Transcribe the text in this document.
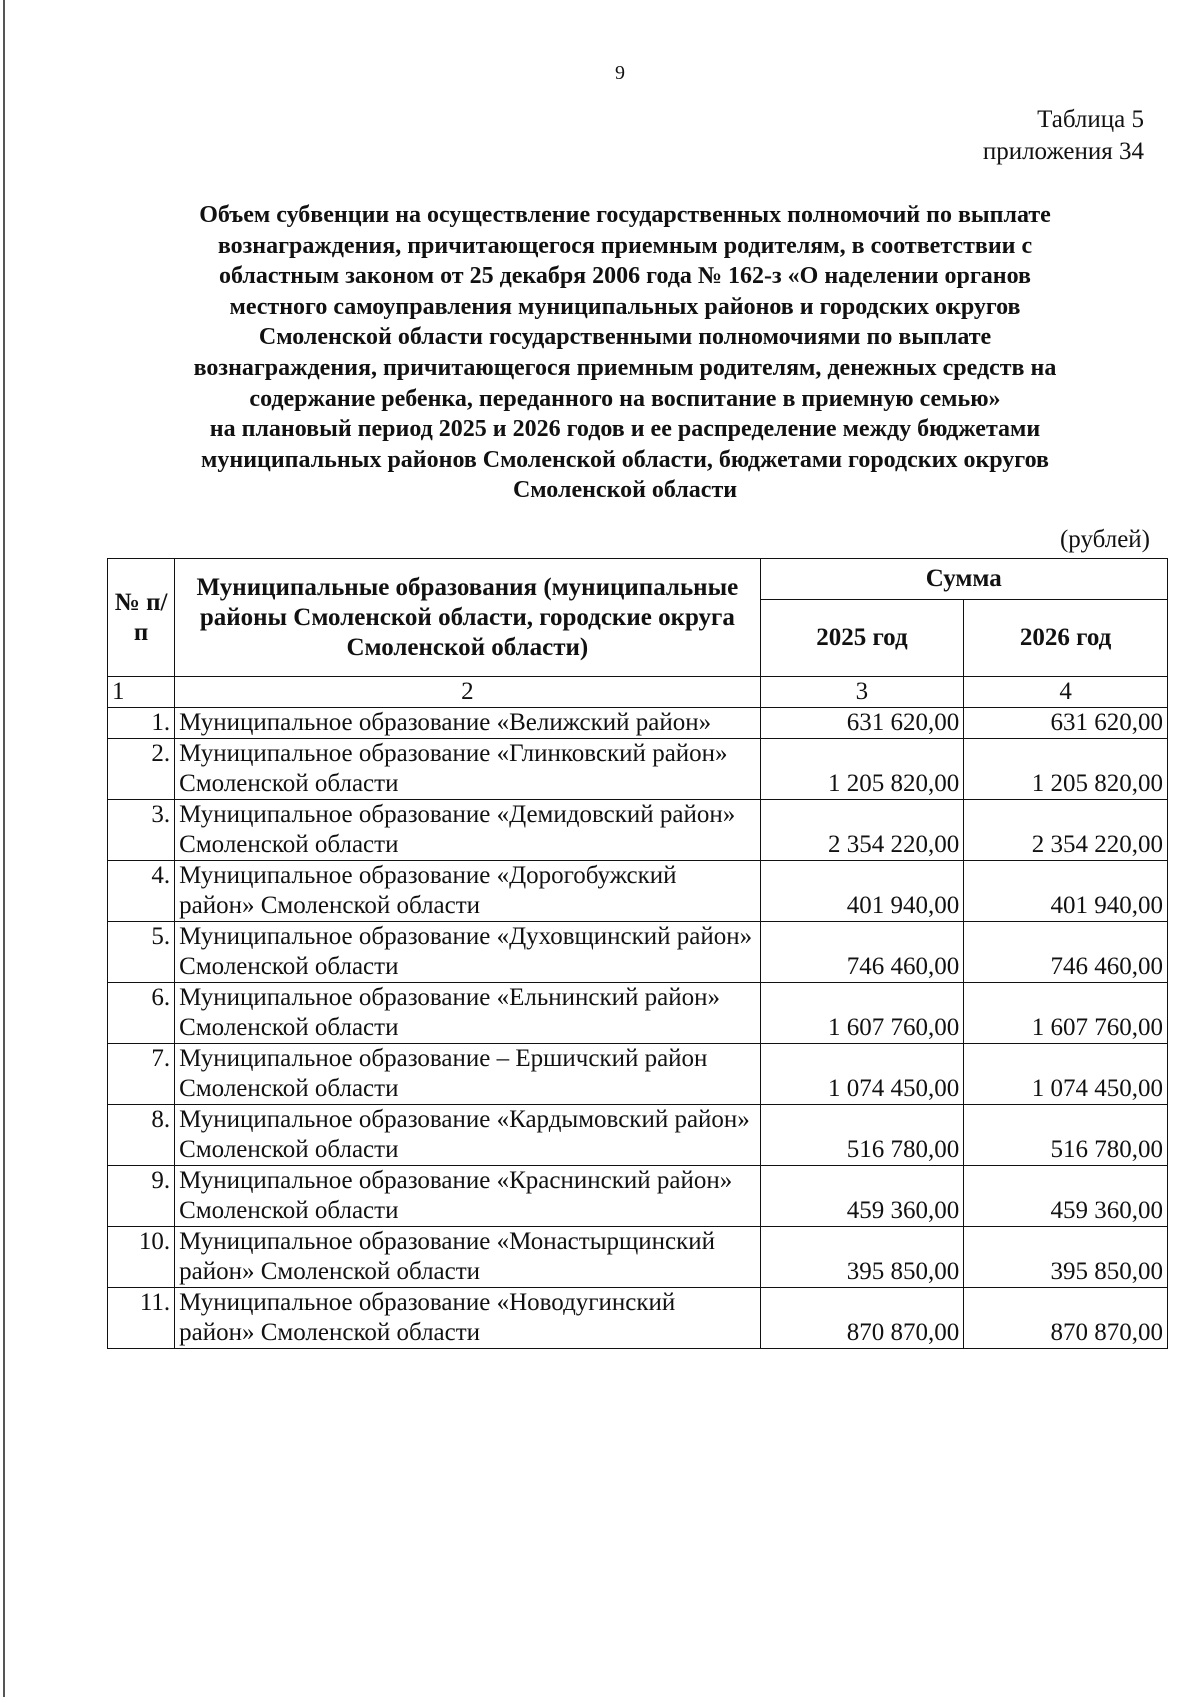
9
Таблица 5
приложения 34
Объем субвенции на осуществление государственных полномочий по выплате
вознаграждения, причитающегося приемным родителям, в соответствии с
областным законом от 25 декабря 2006 года № 162-з «О наделении органов
местного самоуправления муниципальных районов и городских округов
Смоленской области государственными полномочиями по выплате
вознаграждения, причитающегося приемным родителям, денежных средств на
содержание ребенка, переданного на воспитание в приемную семью»
на плановый период 2025 и 2026 годов и ее распределение между бюджетами
муниципальных районов Смоленской области, бюджетами городских округов
Смоленской области
(рублей)
№ п/п	Муниципальные образования (муниципальные районы Смоленской области, городские округа Смоленской области)	Сумма	
		2025 год	2026 год
1	2	3	4
1.	Муниципальное образование «Велижский район»	631 620,00	631 620,00
2.	Муниципальное образование «Глинковский район» Смоленской области	1 205 820,00	1 205 820,00
3.	Муниципальное образование «Демидовский район» Смоленской области	2 354 220,00	2 354 220,00
4.	Муниципальное образование «Дорогобужский район» Смоленской области	401 940,00	401 940,00
5.	Муниципальное образование «Духовщинский район» Смоленской области	746 460,00	746 460,00
6.	Муниципальное образование «Ельнинский район» Смоленской области	1 607 760,00	1 607 760,00
7.	Муниципальное образование – Ершичский район Смоленской области	1 074 450,00	1 074 450,00
8.	Муниципальное образование «Кардымовский район» Смоленской области	516 780,00	516 780,00
9.	Муниципальное образование «Краснинский район» Смоленской области	459 360,00	459 360,00
10.	Муниципальное образование «Монастырщинский район» Смоленской области	395 850,00	395 850,00
11.	Муниципальное образование «Новодугинский район» Смоленской области	870 870,00	870 870,00
